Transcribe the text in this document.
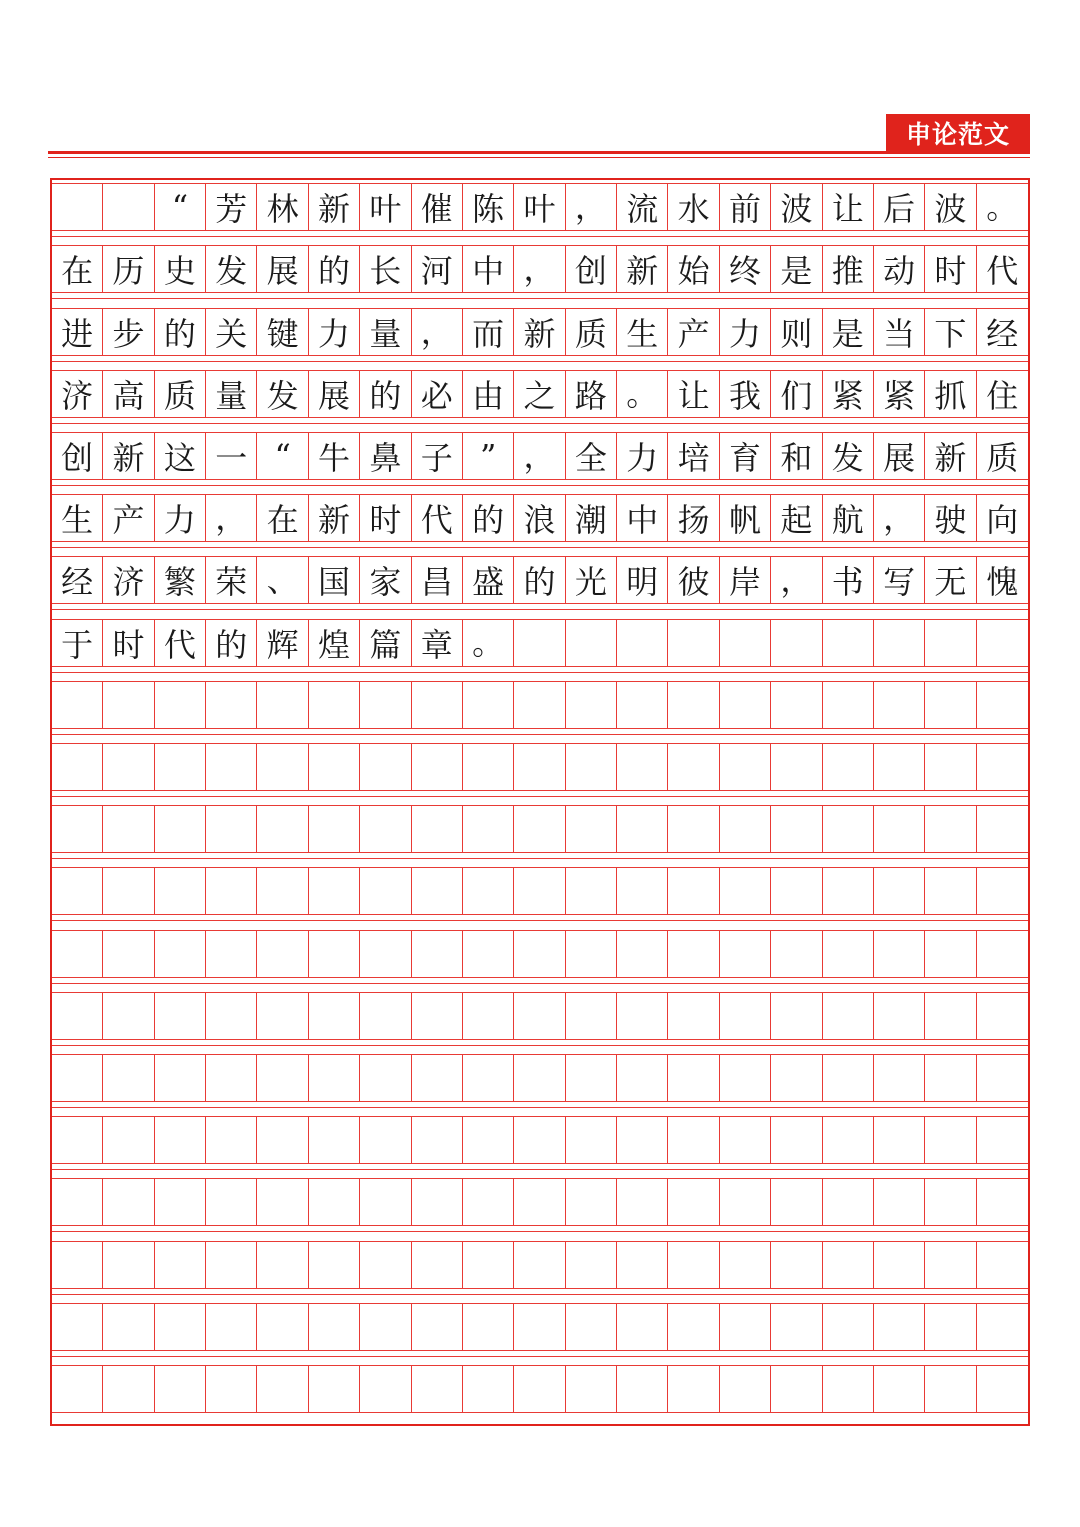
申论范文
“ 芳 林 新 叶 催 陈 叶 ， 流 水 前 波 让 后 波 。
在 历 史 发 展 的 长 河 中 ， 创 新 始 终 是 推 动 时 代
进 步 的 关 键 力 量 ， 而 新 质 生 产 力 则 是 当 下 经
济 高 质 量 发 展 的 必 由 之 路 。 让 我 们 紧 紧 抓 住
创 新 这 一 “ 牛 鼻 子 ” ， 全 力 培 育 和 发 展 新 质
生 产 力 ， 在 新 时 代 的 浪 潮 中 扬 帆 起 航 ， 驶 向
经 济 繁 荣 、 国 家 昌 盛 的 光 明 彼 岸 ， 书 写 无 愧
于 时 代 的 辉 煌 篇 章 。
